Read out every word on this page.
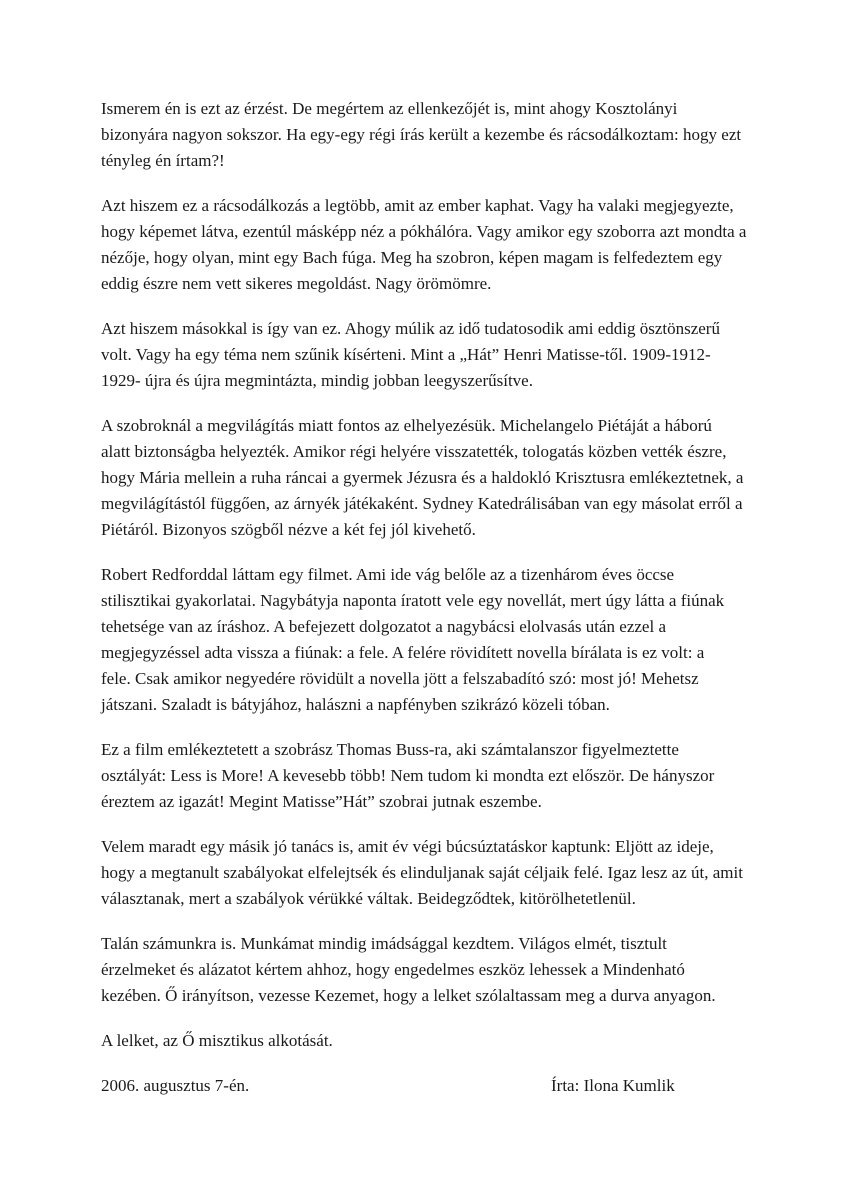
Ismerem én is ezt az érzést. De megértem az ellenkezőjét is, mint ahogy Kosztolányi
bizonyára nagyon sokszor. Ha egy-egy régi írás került a kezembe és rácsodálkoztam: hogy ezt
tényleg én írtam?!

Azt hiszem ez a rácsodálkozás a legtöbb, amit az ember kaphat. Vagy ha valaki megjegyezte,
hogy képemet látva, ezentúl másképp néz a pókhálóra. Vagy amikor egy szoborra azt mondta a
nézője, hogy olyan, mint egy Bach fúga. Meg ha szobron, képen magam is felfedeztem egy
eddig észre nem vett sikeres megoldást. Nagy örömömre.

Azt hiszem másokkal is így van ez. Ahogy múlik az idő tudatosodik ami eddig ösztönszerű
volt. Vagy ha egy téma nem szűnik kísérteni. Mint a „Hát” Henri Matisse-től. 1909-1912-
1929- újra és újra megmintázta, mindig jobban leegyszerűsítve.

A szobroknál a megvilágítás miatt fontos az elhelyezésük. Michelangelo Piétáját a háború
alatt biztonságba helyezték. Amikor régi helyére visszatették, tologatás közben vették észre,
hogy Mária mellein a ruha ráncai a gyermek Jézusra és a haldokló Krisztusra emlékeztetnek, a
megvilágítástól függően, az árnyék játékaként. Sydney Katedrálisában van egy másolat erről a
Piétáról. Bizonyos szögből nézve a két fej jól kivehető.

Robert Redforddal láttam egy filmet. Ami ide vág belőle az a tizenhárom éves öccse
stilisztikai gyakorlatai. Nagybátyja naponta íratott vele egy novellát, mert úgy látta a fiúnak
tehetsége van az íráshoz. A befejezett dolgozatot a nagybácsi elolvasás után ezzel a
megjegyzéssel adta vissza a fiúnak: a fele. A felére rövidített novella bírálata is ez volt: a
fele. Csak amikor negyedére rövidült a novella jött a felszabadító szó: most jó! Mehetsz
játszani. Szaladt is bátyjához, halászni a napfényben szikrázó közeli tóban.

Ez a film emlékeztetett a szobrász Thomas Buss-ra, aki számtalanszor figyelmeztette
osztályát: Less is More! A kevesebb több! Nem tudom ki mondta ezt először. De hányszor
éreztem az igazát! Megint Matisse”Hát” szobrai jutnak eszembe.

Velem maradt egy másik jó tanács is, amit év végi búcsúztatáskor kaptunk: Eljött az ideje,
hogy a megtanult szabályokat elfelejtsék és elinduljanak saját céljaik felé. Igaz lesz az út, amit
választanak, mert a szabályok vérükké váltak. Beidegződtek, kitörölhetetlenül.

Talán számunkra is. Munkámat mindig imádsággal kezdtem. Világos elmét, tisztult
érzelmeket és alázatot kértem ahhoz, hogy engedelmes eszköz lehessek a Mindenható
kezében. Ő irányítson, vezesse Kezemet, hogy a lelket szólaltassam meg a durva anyagon.

A lelket, az Ő misztikus alkotását.

2006. augusztus 7-én.	Írta: Ilona Kumlik
